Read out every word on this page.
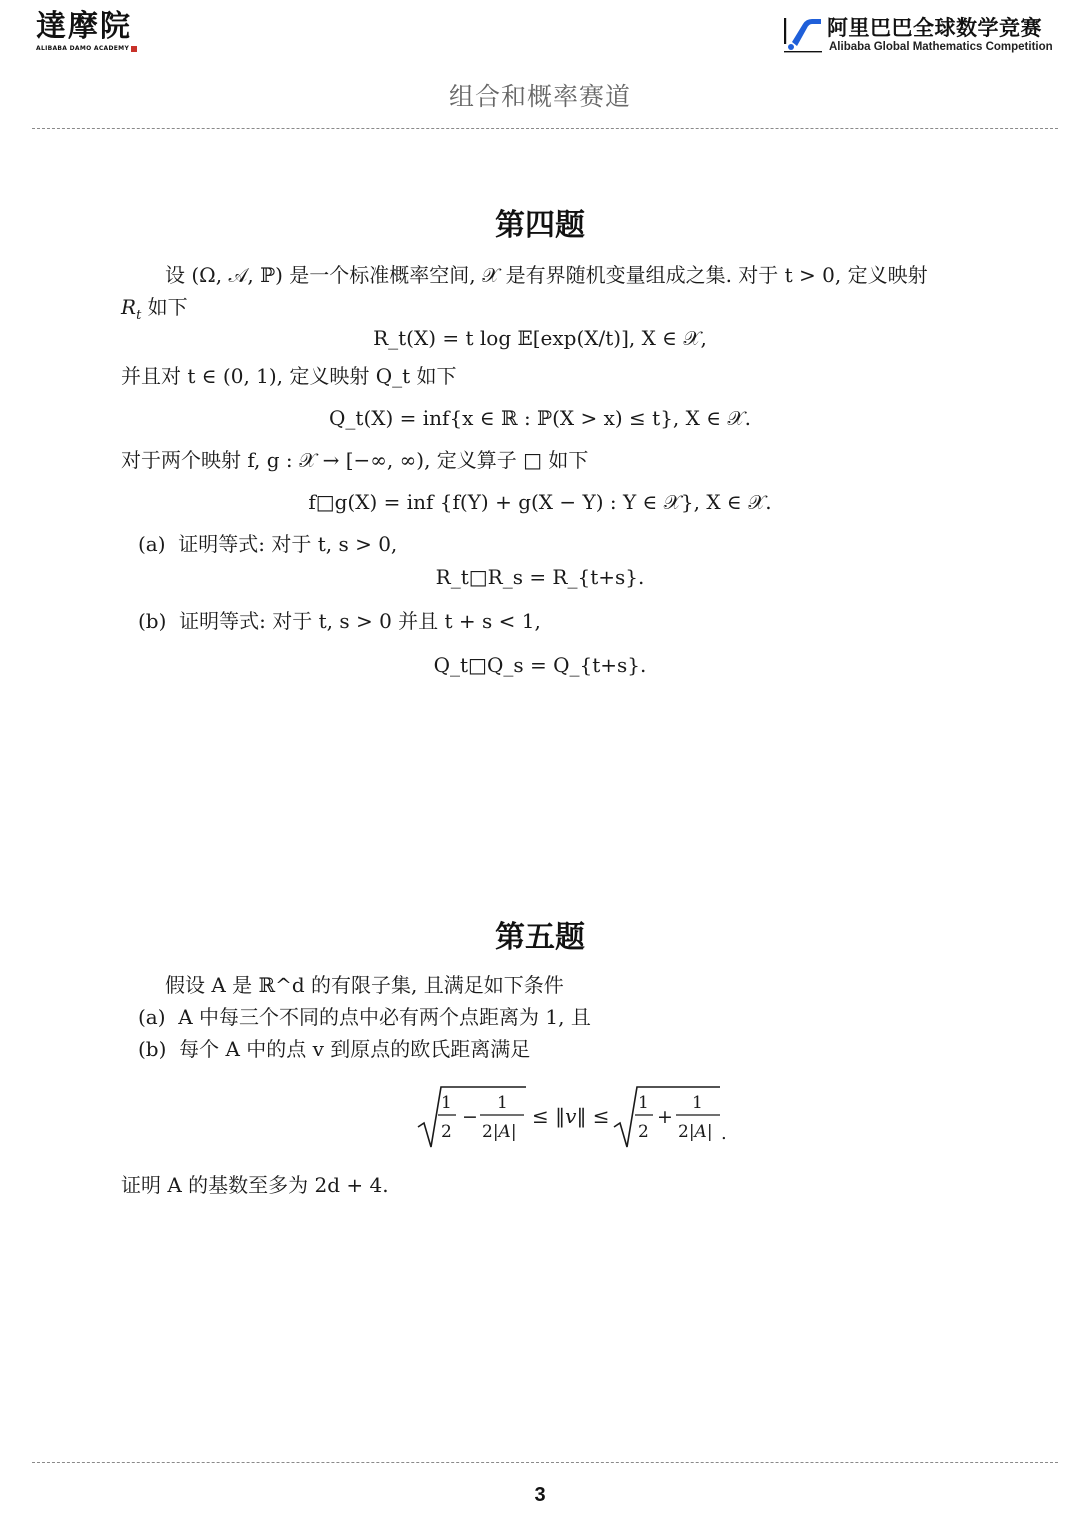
達摩院
ALIBABA DAMO ACADEMY
阿里巴巴全球数学竞赛
Alibaba Global Mathematics Competition
组合和概率赛道
第四题
设 (Ω, 𝒜, ℙ) 是一个标准概率空间, 𝒳 是有界随机变量组成之集. 对于 t > 0, 定义映射
$R_t$ 如下
R_t(X) = t log 𝔼[exp(X/t)], X ∈ 𝒳,
并且对 t ∈ (0, 1), 定义映射 Q_t 如下
Q_t(X) = inf{x ∈ ℝ : ℙ(X > x) ≤ t}, X ∈ 𝒳.
对于两个映射 f, g : 𝒳 → [−∞, ∞), 定义算子 □ 如下
f□g(X) = inf {f(Y) + g(X − Y) : Y ∈ 𝒳}, X ∈ 𝒳.
(a) 证明等式: 对于 t, s > 0,
R_t□R_s = R_{t+s}.
(b) 证明等式: 对于 t, s > 0 并且 t + s < 1,
Q_t□Q_s = Q_{t+s}.
第五题
假设 A 是 ℝ^d 的有限子集, 且满足如下条件
(a) A 中每三个不同的点中必有两个点距离为 1, 且
(b) 每个 A 中的点 v 到原点的欧氏距离满足
1
2
−
1
2|A|
≤ ‖v‖ ≤
1
2
+
1
2|A| .
证明 A 的基数至多为 2d + 4.
3
